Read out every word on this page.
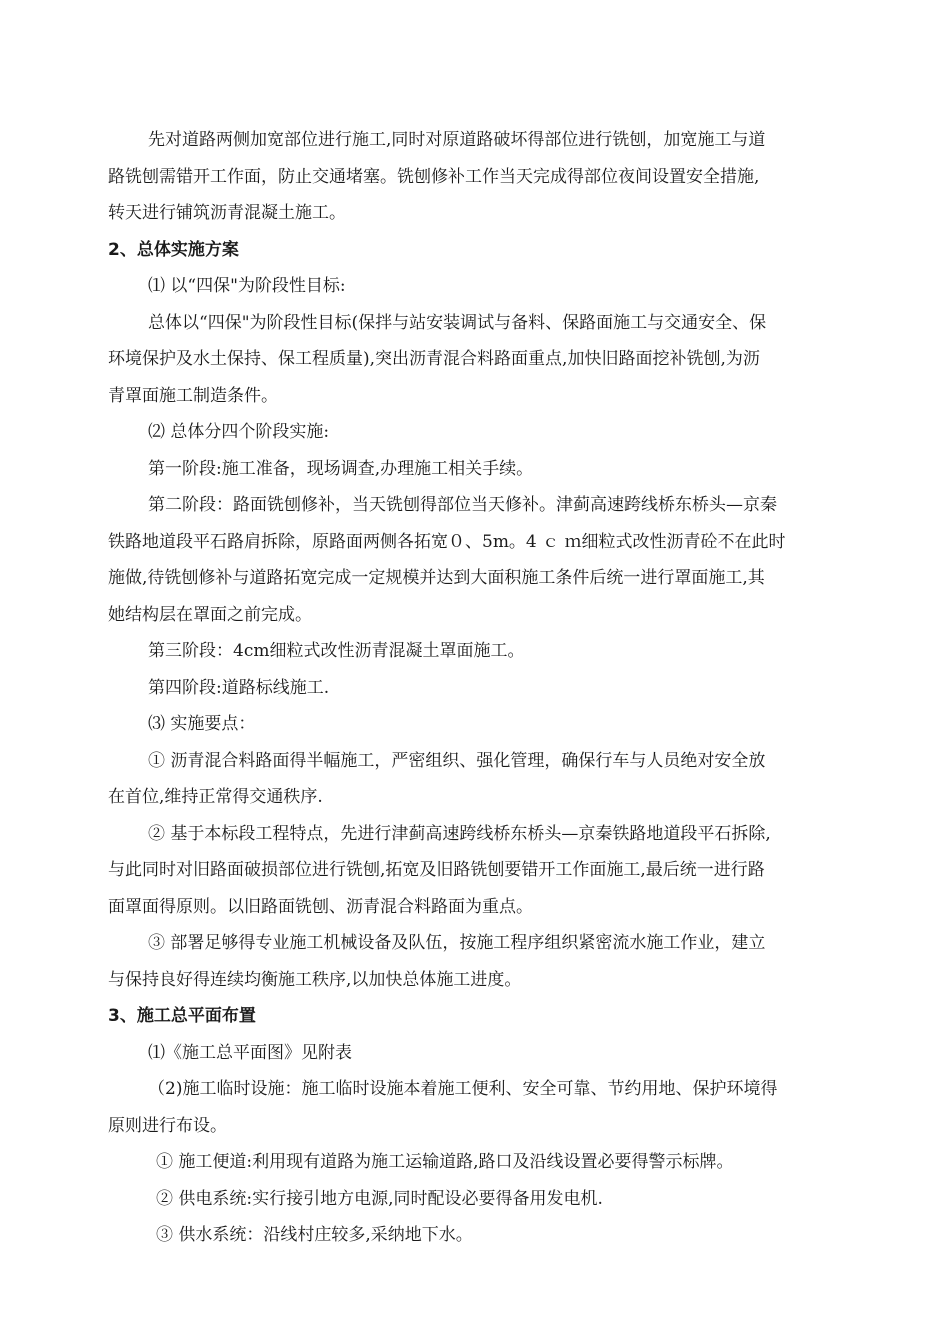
先对道路两侧加宽部位进行施工,同时对原道路破坏得部位进行铣刨，加宽施工与道
路铣刨需错开工作面，防止交通堵塞。铣刨修补工作当天完成得部位夜间设置安全措施,
转天进行铺筑沥青混凝土施工。

2、总体实施方案

⑴ 以“四保"为阶段性目标:

总体以“四保"为阶段性目标(保拌与站安装调试与备料、保路面施工与交通安全、保
环境保护及水土保持、保工程质量),突出沥青混合料路面重点,加快旧路面挖补铣刨,为沥
青罩面施工制造条件。

⑵ 总体分四个阶段实施:

第一阶段:施工准备，现场调查,办理施工相关手续。

第二阶段：路面铣刨修补，当天铣刨得部位当天修补。津蓟高速跨线桥东桥头—京秦
铁路地道段平石路肩拆除，原路面两侧各拓宽０、5m。4 ｃ ｍ细粒式改性沥青砼不在此时
施做,待铣刨修补与道路拓宽完成一定规模并达到大面积施工条件后统一进行罩面施工,其
她结构层在罩面之前完成。

第三阶段：4cm细粒式改性沥青混凝土罩面施工。

第四阶段:道路标线施工.

⑶ 实施要点：

① 沥青混合料路面得半幅施工，严密组织、强化管理，确保行车与人员绝对安全放
在首位,维持正常得交通秩序.

② 基于本标段工程特点，先进行津蓟高速跨线桥东桥头—京秦铁路地道段平石拆除,
与此同时对旧路面破损部位进行铣刨,拓宽及旧路铣刨要错开工作面施工,最后统一进行路
面罩面得原则。以旧路面铣刨、沥青混合料路面为重点。

③ 部署足够得专业施工机械设备及队伍，按施工程序组织紧密流水施工作业，建立
与保持良好得连续均衡施工秩序,以加快总体施工进度。

3、施工总平面布置

⑴《施工总平面图》见附表

（2)施工临时设施：施工临时设施本着施工便利、安全可靠、节约用地、保护环境得
原则进行布设。

① 施工便道:利用现有道路为施工运输道路,路口及沿线设置必要得警示标牌。

② 供电系统:实行接引地方电源,同时配设必要得备用发电机.

③ 供水系统：沿线村庄较多,采纳地下水。
